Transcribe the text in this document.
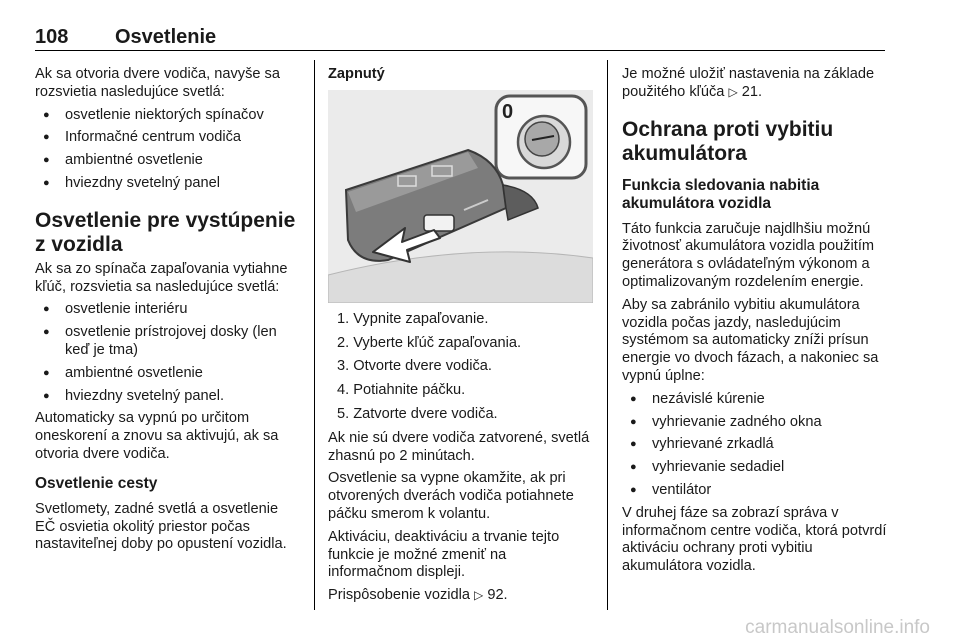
108 Osvetlenie

Ak sa otvoria dvere vodiča, navyše sa rozsvietia nasledujúce svetlá:

● osvetlenie niektorých spínačov
● Informačné centrum vodiča
● ambientné osvetlenie
● hviezdny svetelný panel
Osvetlenie pre vystúpenie z vozidla

Ak sa zo spínača zapaľovania vytiahne kľúč, rozsvietia sa nasledujúce svetlá:

● osvetlenie interiéru
● osvetlenie prístrojovej dosky (len keď je tma)
● ambientné osvetlenie
● hviezdny svetelný panel.

Automaticky sa vypnú po určitom oneskorení a znovu sa aktivujú, ak sa otvoria dvere vodiča.

Osvetlenie cesty

Svetlomety, zadné svetlá a osvetlenie EČ osvietia okolitý priestor počas nastaviteľnej doby po opustení vozidla.

Zapnutý
0
1. Vypnite zapaľovanie.
2. Vyberte kľúč zapaľovania.
3. Otvorte dvere vodiča.
4. Potiahnite páčku.
5. Zatvorte dvere vodiča.

Ak nie sú dvere vodiča zatvorené, svetlá zhasnú po 2 minútach.

Osvetlenie sa vypne okamžite, ak pri otvorených dverách vodiča potiahnete páčku smerom k volantu.

Aktiváciu, deaktiváciu a trvanie tejto funkcie je možné zmeniť na informačnom displeji.

Prispôsobenie vozidla ▷ 92.

Je možné uložiť nastavenia na základe použitého kľúča ▷ 21.

Ochrana proti vybitiu akumulátora
Funkcia sledovania nabitia akumulátora vozidla

Táto funkcia zaručuje najdlhšiu možnú životnosť akumulátora vozidla použitím generátora s ovládateľným výkonom a optimalizovaným rozdelením energie.

Aby sa zabránilo vybitiu akumulátora vozidla počas jazdy, nasledujúcim systémom sa automaticky zníži prísun energie vo dvoch fázach, a nakoniec sa vypnú úplne:

● nezávislé kúrenie
● vyhrievanie zadného okna
● vyhrievané zrkadlá
● vyhrievanie sedadiel
● ventilátor

V druhej fáze sa zobrazí správa v informačnom centre vodiča, ktorá potvrdí aktiváciu ochrany proti vybitiu akumulátora vozidla.

carmanualsonline.info
